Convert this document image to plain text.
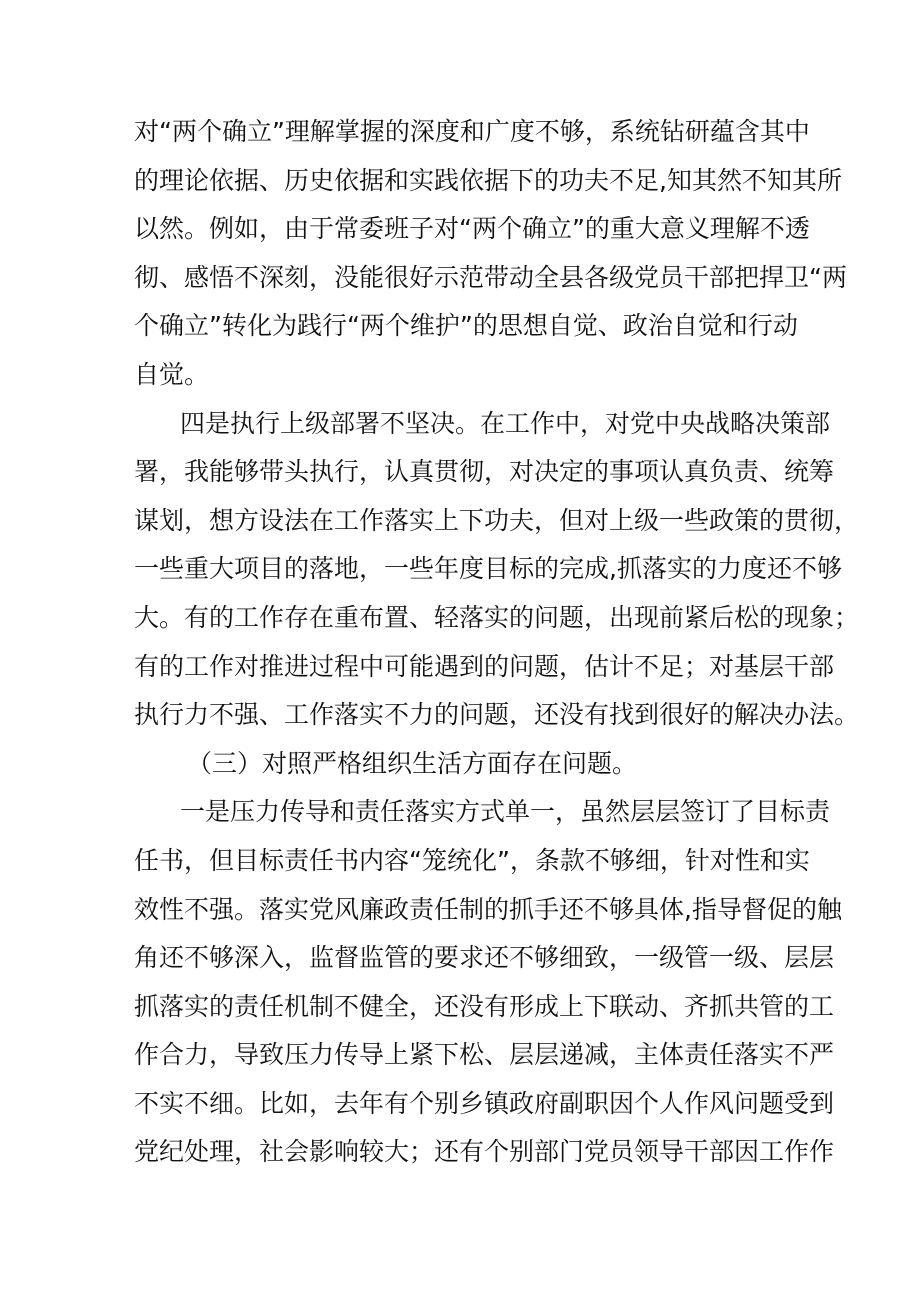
对“两个确立”理解掌握的深度和广度不够，系统钻研蕴含其中
的理论依据、历史依据和实践依据下的功夫不足,知其然不知其所
以然。例如，由于常委班子对“两个确立”的重大意义理解不透
彻、感悟不深刻，没能很好示范带动全县各级党员干部把捍卫“两
个确立”转化为践行“两个维护”的思想自觉、政治自觉和行动
自觉。
四是执行上级部署不坚决。在工作中，对党中央战略决策部
署，我能够带头执行，认真贯彻，对决定的事项认真负责、统筹
谋划，想方设法在工作落实上下功夫，但对上级一些政策的贯彻，
一些重大项目的落地，一些年度目标的完成,抓落实的力度还不够
大。有的工作存在重布置、轻落实的问题，出现前紧后松的现象；
有的工作对推进过程中可能遇到的问题，估计不足；对基层干部
执行力不强、工作落实不力的问题，还没有找到很好的解决办法。
（三）对照严格组织生活方面存在问题。
一是压力传导和责任落实方式单一，虽然层层签订了目标责
任书，但目标责任书内容“笼统化”，条款不够细，针对性和实
效性不强。落实党风廉政责任制的抓手还不够具体,指导督促的触
角还不够深入，监督监管的要求还不够细致，一级管一级、层层
抓落实的责任机制不健全，还没有形成上下联动、齐抓共管的工
作合力，导致压力传导上紧下松、层层递减，主体责任落实不严
不实不细。比如，去年有个别乡镇政府副职因个人作风问题受到
党纪处理，社会影响较大；还有个别部门党员领导干部因工作作
